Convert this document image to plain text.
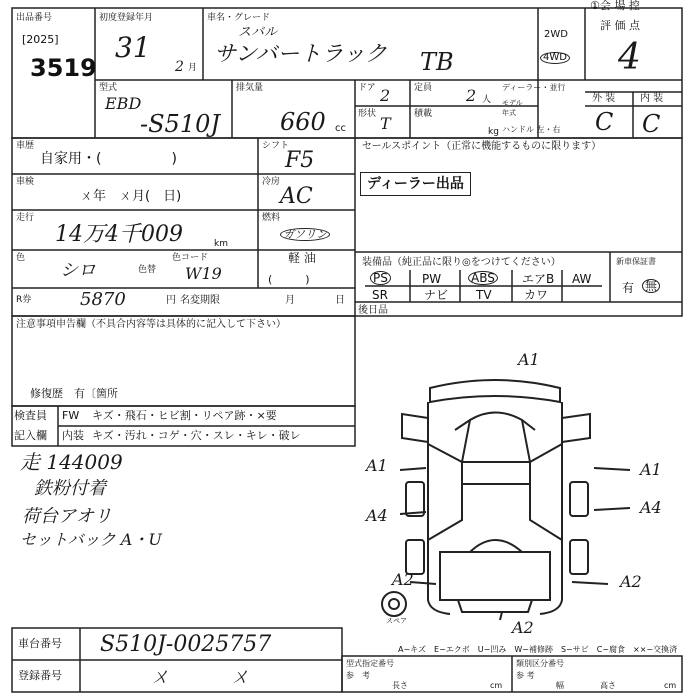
出品番号
[2025]
3519
初度登録年月
31
2 月
車名・グレード
スバル
サンバートラック TB
2WD
4WD
①会 場 控
評 価 点
4
型式
EBD
-S510J
排気量
660 cc
ドア 2	定員 2 人
形状 T	積載
kg
ディーラー・並行
モデル
年式
ハンドル 左・右
外 装 内 装
C C
車歴
自家用・(　　　　　)
シフト
F5
車検
ㄨ年　ㄨ月(　日)
冷房
AC
走行
14万4千009	km
燃料
ガソリン
軽 油
(　　　)
色
シロ	色替
色コード
W19
R券	5870	円 名変期限	月	日
セールスポイント（正常に機能するものに限ります）
ディーラー出品
装備品（純正品に限り◎をつけてください）	新車保証書
有 無
PS	PW ABS エアB AW
SR	ナビ TV	カワ
後日品
注意事項申告欄（不具合内容等は具体的に記入して下さい）
修復歴　有〔箇所
検査員
記入欄
FW キズ・飛石・ヒビ割・リペア跡・×要
内装 キズ・汚れ・コゲ・穴・スレ・キレ・破レ
走 144009
鉄粉付着
荷台アオリ
セットバック A・U
A1
A1	A1
A4	A4
A2	A2
A2
スペア
A−キズ　E−エクボ　U−凹み　W−補修跡　S−サビ　C−腐食　××−交換済
車台番号 S510J-0025757
登録番号	ㄨ　　　ㄨ
型式指定番号
参　考
長さ	cm
類別区分番号
参 考
幅	高さ	cm
